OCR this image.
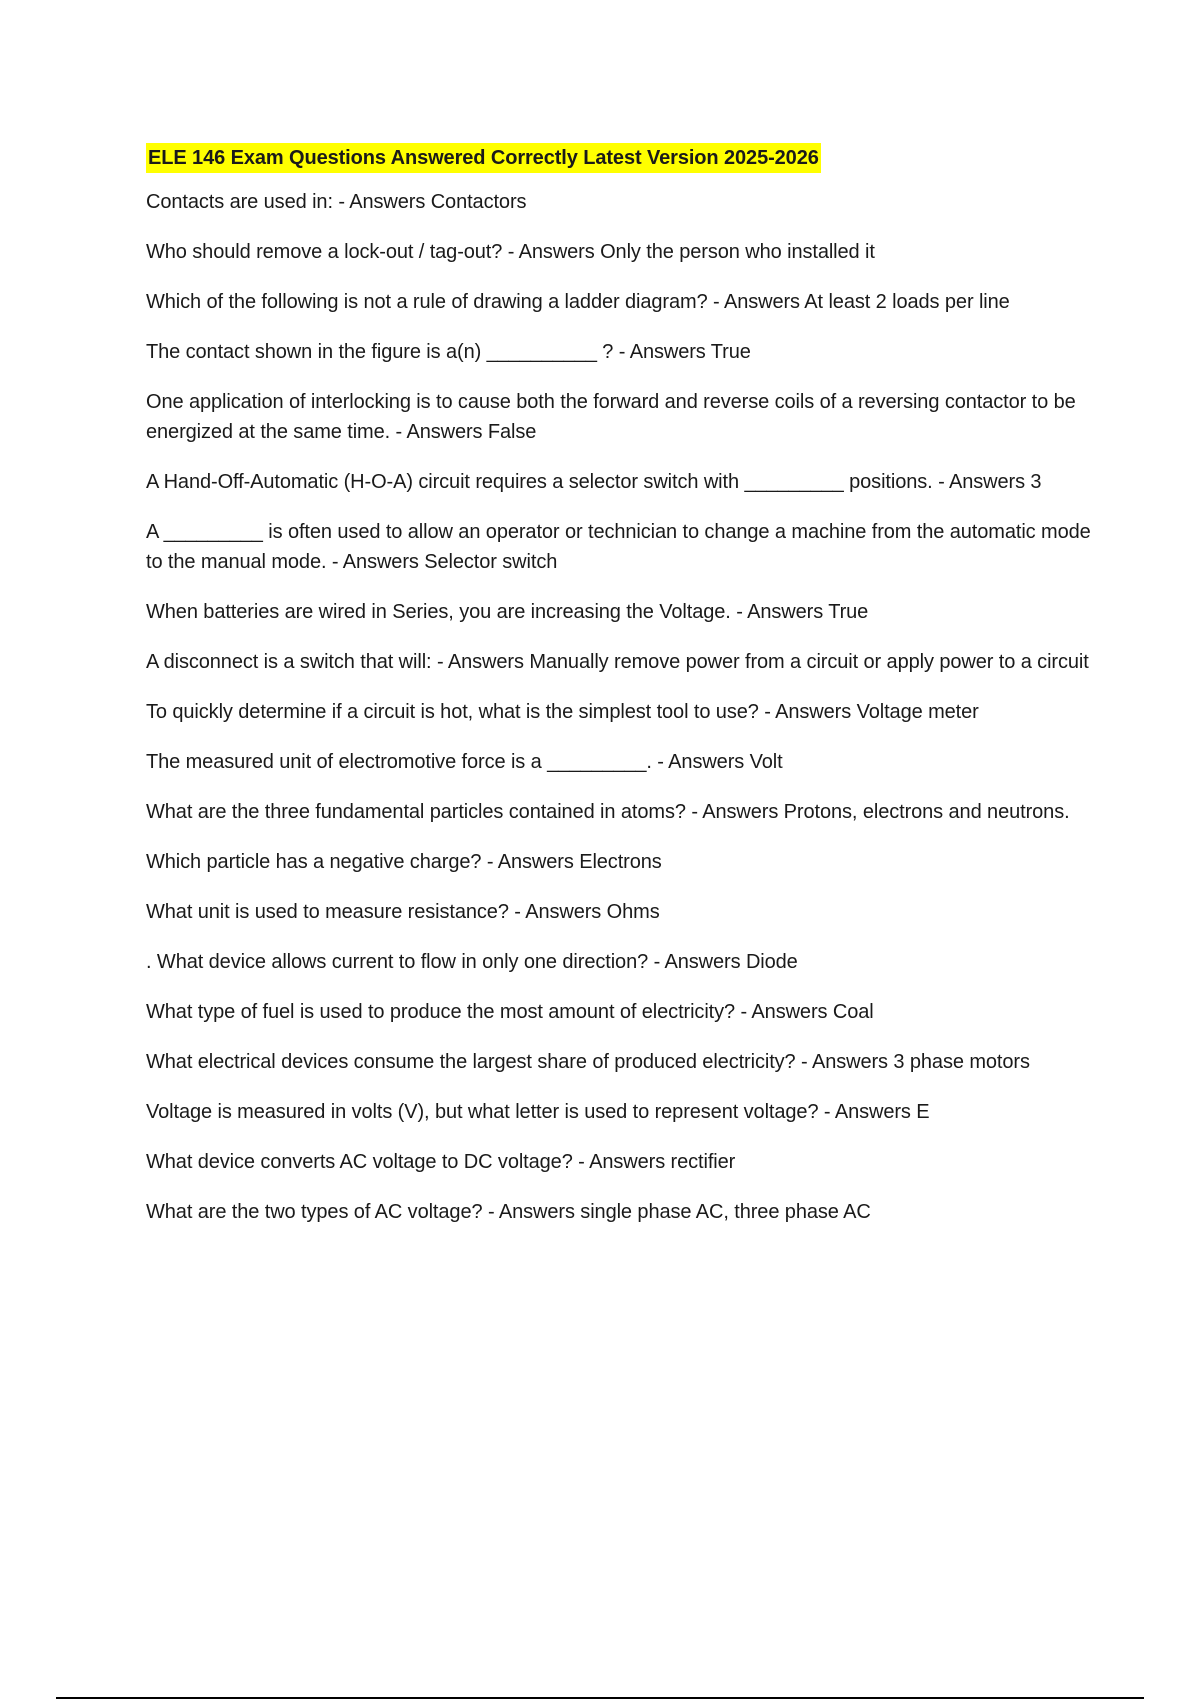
ELE 146 Exam Questions Answered Correctly Latest Version 2025-2026
Contacts are used in: - Answers Contactors
Who should remove a lock-out / tag-out? - Answers Only the person who installed it
Which of the following is not a rule of drawing a ladder diagram? - Answers At least 2 loads per line
The contact shown in the figure is a(n) __________ ? - Answers True
One application of interlocking is to cause both the forward and reverse coils of a reversing contactor to be energized at the same time. - Answers False
A Hand-Off-Automatic (H-O-A) circuit requires a selector switch with _________ positions. - Answers 3
A _________ is often used to allow an operator or technician to change a machine from the automatic mode to the manual mode. - Answers Selector switch
When batteries are wired in Series, you are increasing the Voltage. - Answers True
A disconnect is a switch that will: - Answers Manually remove power from a circuit or apply power to a circuit
To quickly determine if a circuit is hot, what is the simplest tool to use? - Answers Voltage meter
The measured unit of electromotive force is a _________. - Answers Volt
What are the three fundamental particles contained in atoms? - Answers Protons, electrons and neutrons.
Which particle has a negative charge? - Answers Electrons
What unit is used to measure resistance? - Answers Ohms
. What device allows current to flow in only one direction? - Answers Diode
What type of fuel is used to produce the most amount of electricity? - Answers Coal
What electrical devices consume the largest share of produced electricity? - Answers 3 phase motors
Voltage is measured in volts (V), but what letter is used to represent voltage? - Answers E
What device converts AC voltage to DC voltage? - Answers rectifier
What are the two types of AC voltage? - Answers single phase AC, three phase AC
